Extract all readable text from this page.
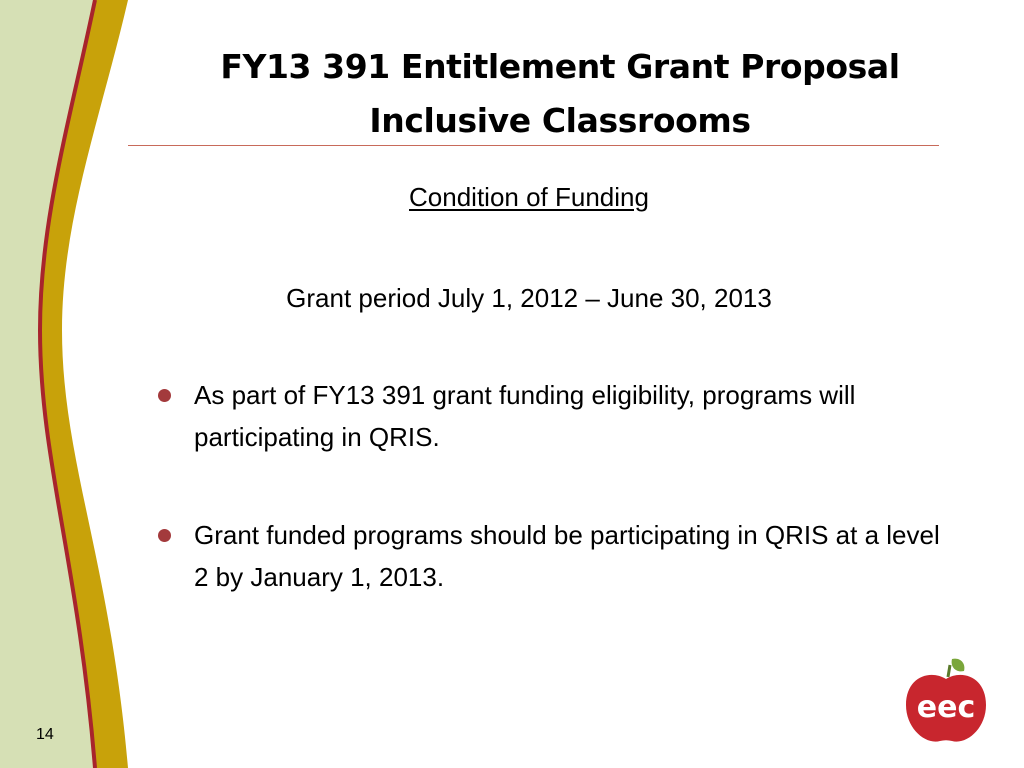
FY13 391 Entitlement Grant Proposal
Inclusive Classrooms
Condition of Funding
Grant period July 1, 2012 – June 30, 2013
As part of FY13 391 grant funding eligibility, programs will participating in QRIS.
Grant funded programs should be participating in QRIS at a level 2 by January 1, 2013.
14
eec
